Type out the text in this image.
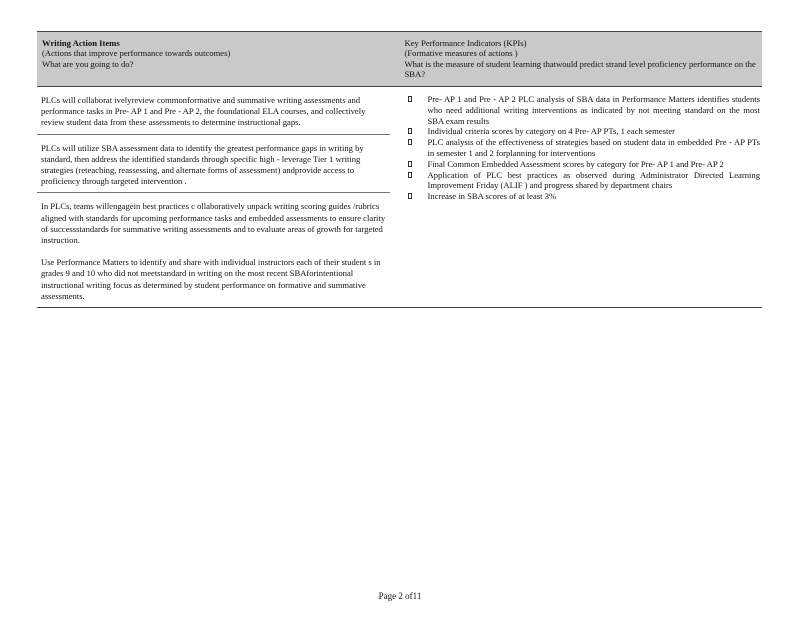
Writing Action Items
(Actions that improve performance towards outcomes)
What are you going to do?
Key Performance Indicators (KPIs)
(Formative measures of actions )
What is the measure of student learning thatwould predict strand level proficiency performance on the SBA?

PLCs will collaborat ivelyreview commonformative and summative writing assessments and performance tasks in Pre- AP 1 and Pre - AP 2, the foundational ELA courses, and collectively review student data from these assessments to determine instructional gaps.

PLCs will utilize SBA assessment data to identify the greatest performance gaps in writing by standard, then address the identified standards through specific high - leverage Tier 1 writing strategies (reteaching, reassessing, and alternate forms of assessment) andprovide access to proficiency through targeted intervention .

In PLCs, teams willengagein best practices c ollaboratively unpack writing scoring guides /rubrics aligned with standards for upcoming performance tasks and embedded assessments to ensure clarity of successstandards for summative writing assessments and to evaluate areas of growth for targeted instruction.

Use Performance Matters to identify and share with individual instructors each of their student s in grades 9 and 10 who did not meetstandard in writing on the most recent SBAforintentional instructional writing focus as determined by student performance on formative and summative assessments.

Pre- AP 1 and Pre - AP 2 PLC analysis of SBA data in Performance Matters identifies students who need additional writing interventions as indicated by not meeting standard on the most SBA exam results
Individual criteria scores by category on 4 Pre- AP PTs, 1 each semester
PLC analysis of the effectiveness of strategies based on student data in embedded Pre - AP PTs in semester 1 and 2 forplanning for interventions
Final Common Embedded Assessment scores by category for Pre- AP 1 and Pre- AP 2
Application of PLC best practices as observed during Administrator Directed Learning Improvement Friday (ALIF ) and progress shared by department chairs
Increase in SBA scores of at least 3%
Page 2 of11
